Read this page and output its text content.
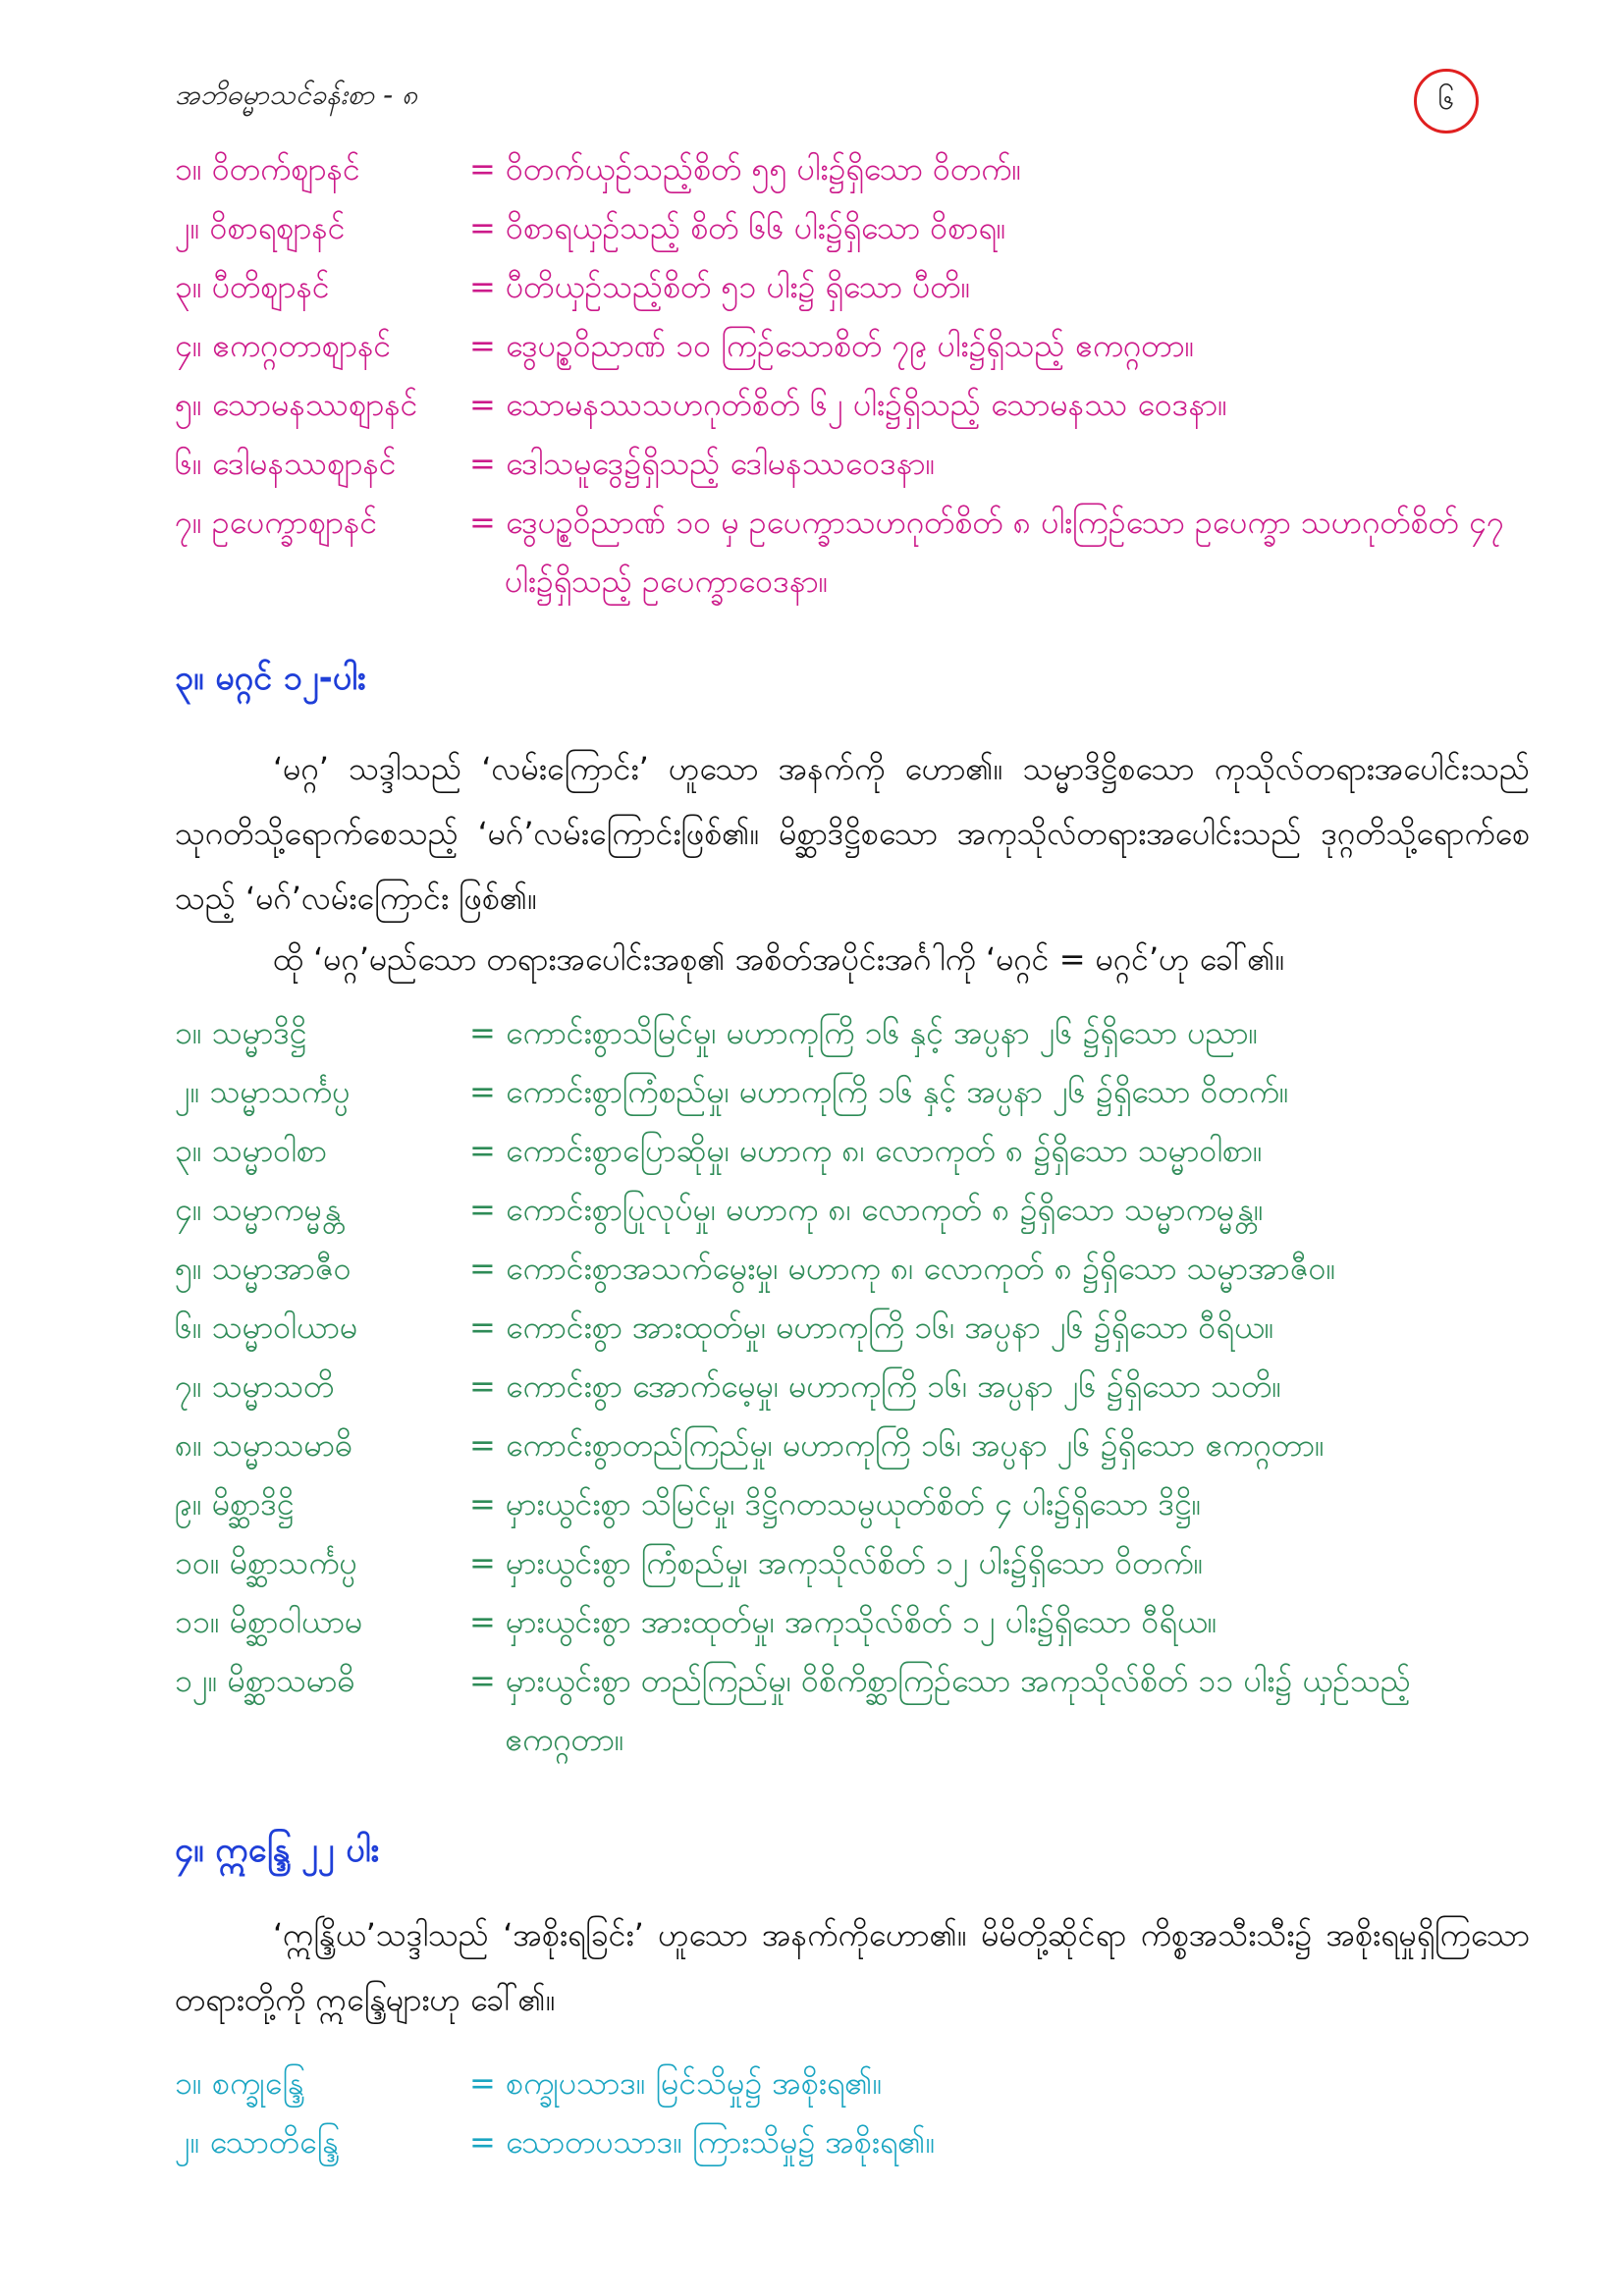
အဘိဓမ္မာသင်ခန်းစာ - ၈	၆
၁။ ဝိတက်စျာနင်	= ဝိတက်ယှဉ်သည့်စိတ် ၅၅ ပါး၌ရှိသော ဝိတက်။
၂။ ဝိစာရစျာနင်	= ဝိစာရယှဉ်သည့် စိတ် ၆၆ ပါး၌ရှိသော ဝိစာရ။
၃။ ပီတိစျာနင်	= ပီတိယှဉ်သည့်စိတ် ၅၁ ပါး၌ ရှိသော ပီတိ။
၄။ ဧကဂ္ဂတာစျာနင် = ဒွေပဉ္စဝိညာဏ် ၁၀ ကြဉ်သောစိတ် ၇၉ ပါး၌ရှိသည့် ဧကဂ္ဂတာ။
၅။ သောမနဿစျာနင် = သောမနဿသဟဂုတ်စိတ် ၆၂ ပါး၌ရှိသည့် သောမနဿ ဝေဒနာ။
၆။ ဒေါမနဿစျာနင် = ဒေါသမူဒွေ၌ရှိသည့် ဒေါမနဿဝေဒနာ။
၇။ ဥပေက္ခာစျာနင်	= ဒွေပဉ္စဝိညာဏ် ၁၀ မှ ဥပေက္ခာသဟဂုတ်စိတ် ၈ ပါးကြဉ်သော ဥပေက္ခာ သဟဂုတ်စိတ် ၄၇ ပါး၌ရှိသည့် ဥပေက္ခာဝေဒနာ။
၃။ မဂ္ဂင် ၁၂-ပါး

‘မဂ္ဂ’ သဒ္ဒါသည် ‘လမ်းကြောင်း’ ဟူသော အနက်ကို ဟော၏။ သမ္မာဒိဋ္ဌိစသော ကုသိုလ်တရားအပေါင်းသည် သုဂတိသို့ရောက်စေသည့် ‘မဂ်’လမ်းကြောင်းဖြစ်၏။ မိစ္ဆာဒိဋ္ဌိစသော အကုသိုလ်တရားအပေါင်းသည် ဒုဂ္ဂတိသို့ရောက်စေသည့် ‘မဂ်’လမ်းကြောင်း ဖြစ်၏။

ထို ‘မဂ္ဂ’မည်သော တရားအပေါင်းအစု၏ အစိတ်အပိုင်းအင်္ဂါကို ‘မဂ္ဂင် = မဂ္ဂင်’ဟု ခေါ်၏။

၁။ သမ္မာဒိဋ္ဌိ	= ကောင်းစွာသိမြင်မှု၊ မဟာကုကြိ ၁၆ နှင့် အပ္ပနာ ၂၆ ၌ရှိသော ပညာ။
၂။ သမ္မာသင်္ကပ္ပ	= ကောင်းစွာကြံစည်မှု၊ မဟာကုကြိ ၁၆ နှင့် အပ္ပနာ ၂၆ ၌ရှိသော ဝိတက်။
၃။ သမ္မာဝါစာ	= ကောင်းစွာပြောဆိုမှု၊ မဟာကု ၈၊ လောကုတ် ၈ ၌ရှိသော သမ္မာဝါစာ။
၄။ သမ္မာကမ္မန္တ	= ကောင်းစွာပြုလုပ်မှု၊ မဟာကု ၈၊ လောကုတ် ၈ ၌ရှိသော သမ္မာကမ္မန္တ။
၅။ သမ္မာအာဇီဝ	= ကောင်းစွာအသက်မွေးမှု၊ မဟာကု ၈၊ လောကုတ် ၈ ၌ရှိသော သမ္မာအာဇီဝ။
၆။ သမ္မာဝါယာမ	= ကောင်းစွာ အားထုတ်မှု၊ မဟာကုကြိ ၁၆၊ အပ္ပနာ ၂၆ ၌ရှိသော ဝီရိယ။
၇။ သမ္မာသတိ	= ကောင်းစွာ အောက်မေ့မှု၊ မဟာကုကြိ ၁၆၊ အပ္ပနာ ၂၆ ၌ရှိသော သတိ။
၈။ သမ္မာသမာဓိ	= ကောင်းစွာတည်ကြည်မှု၊ မဟာကုကြိ ၁၆၊ အပ္ပနာ ၂၆ ၌ရှိသော ဧကဂ္ဂတာ။
၉။ မိစ္ဆာဒိဋ္ဌိ	= မှားယွင်းစွာ သိမြင်မှု၊ ဒိဋ္ဌိဂတသမ္ပယုတ်စိတ် ၄ ပါး၌ရှိသော ဒိဋ္ဌိ။
၁၀။ မိစ္ဆာသင်္ကပ္ပ	= မှားယွင်းစွာ ကြံစည်မှု၊ အကုသိုလ်စိတ် ၁၂ ပါး၌ရှိသော ဝိတက်။
၁၁။ မိစ္ဆာဝါယာမ	= မှားယွင်းစွာ အားထုတ်မှု၊ အကုသိုလ်စိတ် ၁၂ ပါး၌ရှိသော ဝီရိယ။
၁၂။ မိစ္ဆာသမာဓိ	= မှားယွင်းစွာ တည်ကြည်မှု၊ ဝိစိကိစ္ဆာကြဉ်သော အကုသိုလ်စိတ် ၁၁ ပါး၌ ယှဉ်သည့် ဧကဂ္ဂတာ။
၄။ ဣန္ဒြေ ၂၂ ပါး

‘ဣန္ဒြိယ’သဒ္ဒါသည် ‘အစိုးရခြင်း’ ဟူသော အနက်ကိုဟော၏။ မိမိတို့ဆိုင်ရာ ကိစ္စအသီးသီး၌ အစိုးရမှုရှိကြသော တရားတို့ကို ဣန္ဒြေများဟု ခေါ်၏။

၁။ စက္ခုန္ဒြေ	= စက္ခုပသာဒ။ မြင်သိမှု၌ အစိုးရ၏။
၂။ သောတိန္ဒြေ	= သောတပသာဒ။ ကြားသိမှု၌ အစိုးရ၏။
